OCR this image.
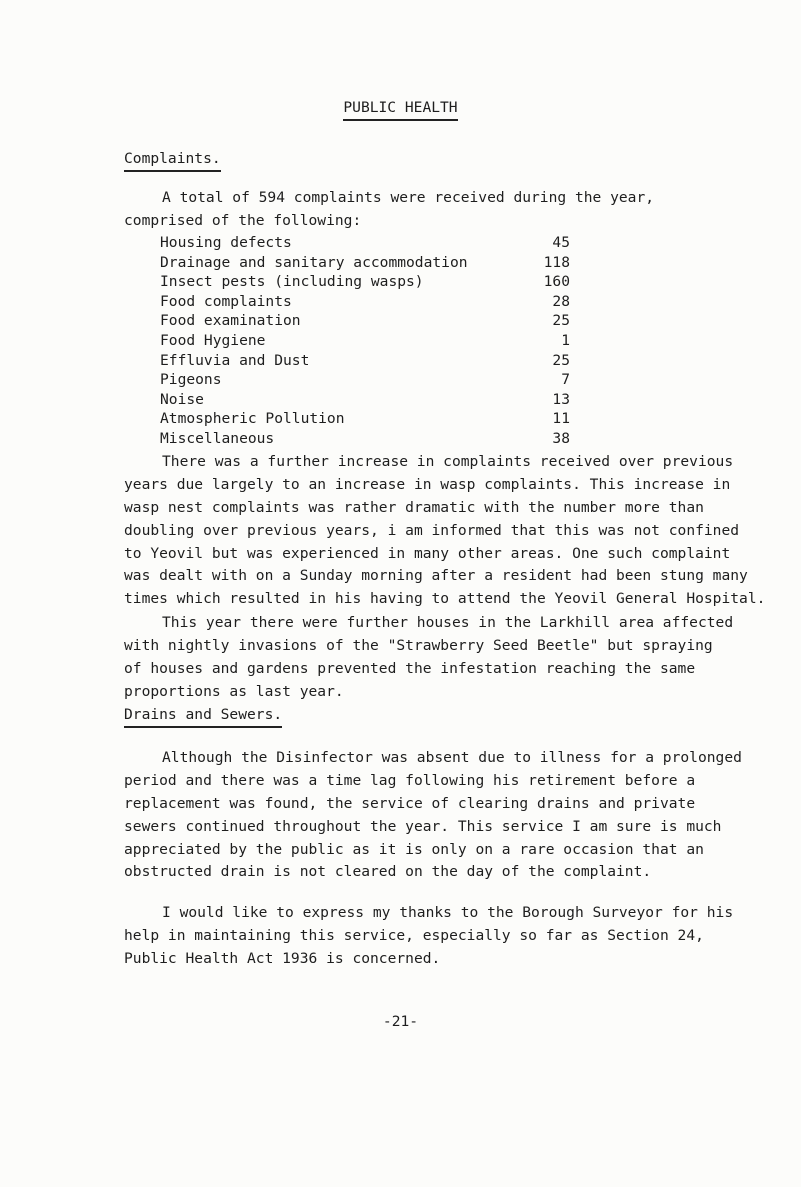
PUBLIC HEALTH
Complaints.
A total of 594 complaints were received during the year,
comprised of the following:
Housing defects	45
Drainage and sanitary accommodation	118
Insect pests (including wasps)	160
Food complaints	28
Food examination	25
Food Hygiene	1
Effluvia and Dust	25
Pigeons	7
Noise	13
Atmospheric Pollution	11
Miscellaneous	38
There was a further increase in complaints received over previous
years due largely to an increase in wasp complaints. This increase in
wasp nest complaints was rather dramatic with the number more than
doubling over previous years, i am informed that this was not confined
to Yeovil but was experienced in many other areas. One such complaint
was dealt with on a Sunday morning after a resident had been stung many
times which resulted in his having to attend the Yeovil General Hospital.
This year there were further houses in the Larkhill area affected
with nightly invasions of the "Strawberry Seed Beetle" but spraying
of houses and gardens prevented the infestation reaching the same
proportions as last year.
Drains and Sewers.
Although the Disinfector was absent due to illness for a prolonged
period and there was a time lag following his retirement before a
replacement was found, the service of clearing drains and private
sewers continued throughout the year. This service I am sure is much
appreciated by the public as it is only on a rare occasion that an
obstructed drain is not cleared on the day of the complaint.
I would like to express my thanks to the Borough Surveyor for his
help in maintaining this service, especially so far as Section 24,
Public Health Act 1936 is concerned.
-21-
